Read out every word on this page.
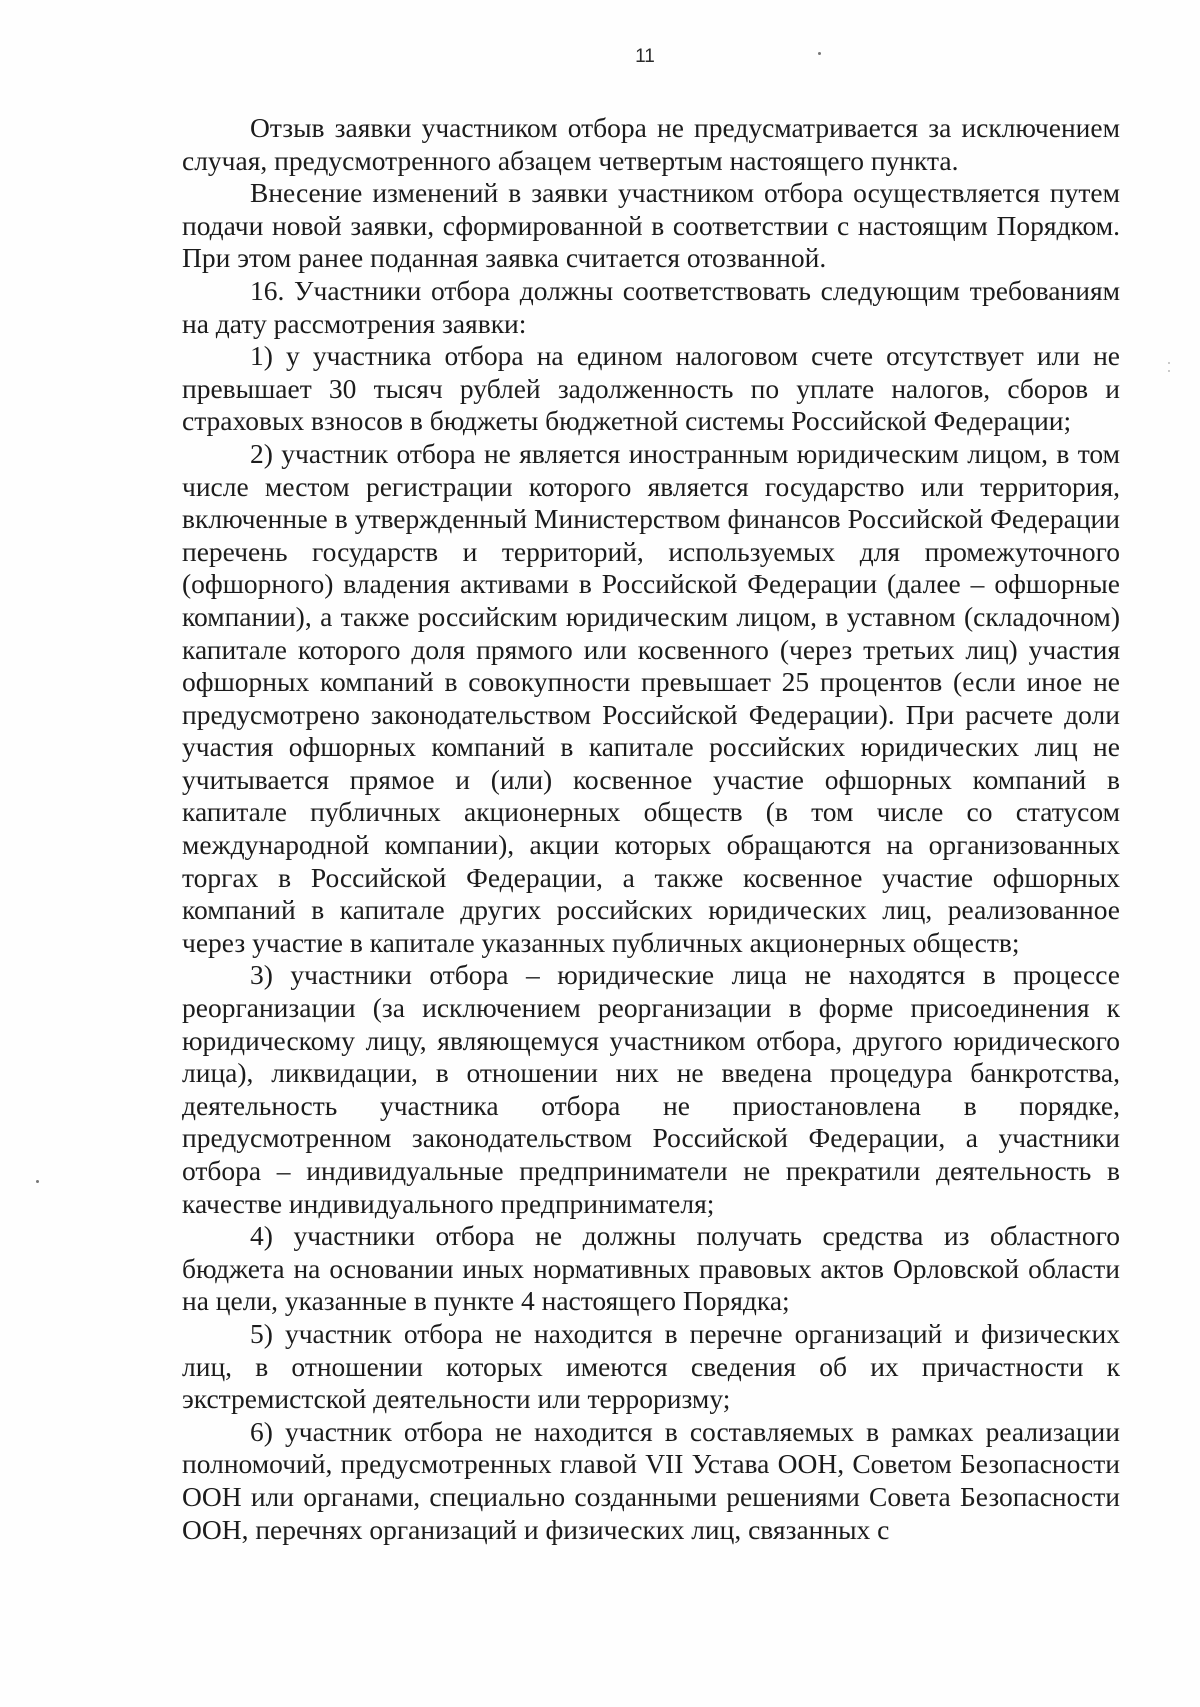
11

Отзыв заявки участником отбора не предусматривается за исключением случая, предусмотренного абзацем четвертым настоящего пункта.

Внесение изменений в заявки участником отбора осуществляется путем подачи новой заявки, сформированной в соответствии с настоящим Порядком. При этом ранее поданная заявка считается отозванной.

16. Участники отбора должны соответствовать следующим требованиям на дату рассмотрения заявки:

1) у участника отбора на едином налоговом счете отсутствует или не превышает 30 тысяч рублей задолженность по уплате налогов, сборов и страховых взносов в бюджеты бюджетной системы Российской Федерации;

2) участник отбора не является иностранным юридическим лицом, в том числе местом регистрации которого является государство или территория, включенные в утвержденный Министерством финансов Российской Федерации перечень государств и территорий, используемых для промежуточного (офшорного) владения активами в Российской Федерации (далее – офшорные компании), а также российским юридическим лицом, в уставном (складочном) капитале которого доля прямого или косвенного (через третьих лиц) участия офшорных компаний в совокупности превышает 25 процентов (если иное не предусмотрено законодательством Российской Федерации). При расчете доли участия офшорных компаний в капитале российских юридических лиц не учитывается прямое и (или) косвенное участие офшорных компаний в капитале публичных акционерных обществ (в том числе со статусом международной компании), акции которых обращаются на организованных торгах в Российской Федерации, а также косвенное участие офшорных компаний в капитале других российских юридических лиц, реализованное через участие в капитале указанных публичных акционерных обществ;

3) участники отбора – юридические лица не находятся в процессе реорганизации (за исключением реорганизации в форме присоединения к юридическому лицу, являющемуся участником отбора, другого юридического лица), ликвидации, в отношении них не введена процедура банкротства, деятельность участника отбора не приостановлена в порядке, предусмотренном законодательством Российской Федерации, а участники отбора – индивидуальные предприниматели не прекратили деятельность в качестве индивидуального предпринимателя;

4) участники отбора не должны получать средства из областного бюджета на основании иных нормативных правовых актов Орловской области на цели, указанные в пункте 4 настоящего Порядка;

5) участник отбора не находится в перечне организаций и физических лиц, в отношении которых имеются сведения об их причастности к экстремистской деятельности или терроризму;

6) участник отбора не находится в составляемых в рамках реализации полномочий, предусмотренных главой VII Устава ООН, Советом Безопасности ООН или органами, специально созданными решениями Совета Безопасности ООН, перечнях организаций и физических лиц, связанных с
